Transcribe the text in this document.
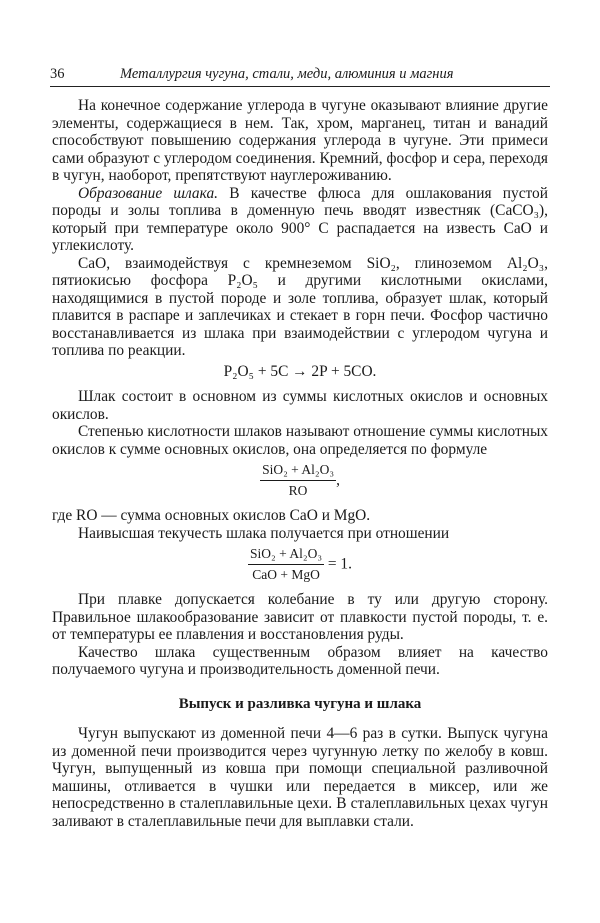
36	Металлургия чугуна, стали, меди, алюминия и магния

На конечное содержание углерода в чугуне оказывают влияние другие элементы, содержащиеся в нем. Так, хром, марганец, титан и ванадий способствуют повышению содержания углерода в чугуне. Эти примеси сами образуют с углеродом соединения. Кремний, фосфор и сера, переходя в чугун, наоборот, препятствуют науглероживанию.

Образование шлака. В качестве флюса для ошлакования пустой породы и золы топлива в доменную печь вводят известняк (CaCO₃), который при температуре около 900° С распадается на известь CaO и углекислоту.

CaO, взаимодействуя с кремнеземом SiO₂, глиноземом Al₂O₃, пятиокисью фосфора P₂O₅ и другими кислотными окислами, находящимися в пустой породе и золе топлива, образует шлак, который плавится в распаре и заплечиках и стекает в горн печи. Фосфор частично восстанавливается из шлака при взаимодействии с углеродом чугуна и топлива по реакции.

P₂O₅ + 5C → 2P + 5CO.

Шлак состоит в основном из суммы кислотных окислов и основных окислов.

Степенью кислотности шлаков называют отношение суммы кислотных окислов к сумме основных окислов, она определяется по формуле

$\frac{\text{SiO₂ + Al₂O₃}}{RO}$ ,

где RO — сумма основных окислов CaO и MgO.

Наивысшая текучесть шлака получается при отношении

$\frac{\text{SiO₂ + Al₂O₃}}{\text{CaO + MgO}} = 1$.

При плавке допускается колебание в ту или другую сторону. Правильное шлакообразование зависит от плавкости пустой породы, т. е. от температуры ее плавления и восстановления руды.

Качество шлака существенным образом влияет на качество получаемого чугуна и производительность доменной печи.

Выпуск и разливка чугуна и шлака

Чугун выпускают из доменной печи 4—6 раз в сутки. Выпуск чугуна из доменной печи производится через чугунную летку по желобу в ковш. Чугун, выпущенный из ковша при помощи специальной разливочной машины, отливается в чушки или передается в миксер, или же непосредственно в сталеплавильные цехи. В сталеплавильных цехах чугун заливают в сталеплавильные печи для выплавки стали.
